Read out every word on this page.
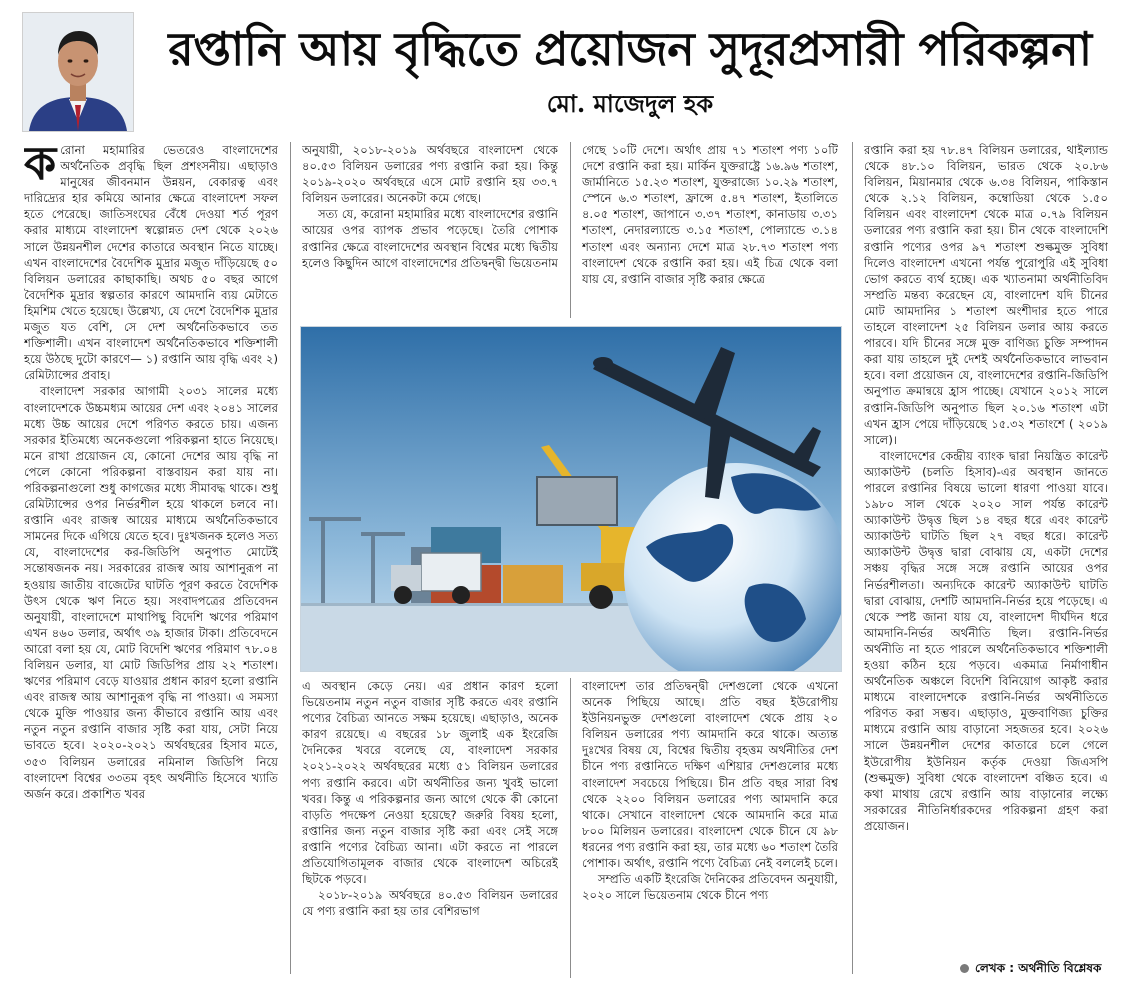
রপ্তানি আয় বৃদ্ধিতে প্রয়োজন সুদূরপ্রসারী পরিকল্পনা
মো. মাজেদুল হক

করোনা মহামারির ভেতরেও বাংলাদেশের অর্থনৈতিক প্রবৃদ্ধি ছিল প্রশংসনীয়। এছাড়াও মানুষের জীবনমান উন্নয়ন, বেকারত্ব এবং দারিদ্র্যের হার কমিয়ে আনার ক্ষেত্রে বাংলাদেশ সফল হতে পেরেছে। জাতিসংঘের বেঁধে দেওয়া শর্ত পূরণ করার মাধ্যমে বাংলাদেশ স্বল্পোন্নত দেশ থেকে ২০২৬ সালে উন্নয়নশীল দেশের কাতারে অবস্থান নিতে যাচ্ছে। এখন বাংলাদেশের বৈদেশিক মুদ্রার মজুত দাঁড়িয়েছে ৫০ বিলিয়ন ডলারের কাছাকাছি। অথচ ৫০ বছর আগে বৈদেশিক মুদ্রার স্বল্পতার কারণে আমদানি ব্যয় মেটাতে হিমশিম খেতে হয়েছে। উল্লেখ্য, যে দেশে বৈদেশিক মুদ্রার মজুত যত বেশি, সে দেশ অর্থনৈতিকভাবে তত শক্তিশালী। এখন বাংলাদেশ অর্থনৈতিকভাবে শক্তিশালী হয়ে উঠছে দুটো কারণে— ১) রপ্তানি আয় বৃদ্ধি এবং ২) রেমিট্যান্সের প্রবাহ।

বাংলাদেশ সরকার আগামী ২০৩১ সালের মধ্যে বাংলাদেশকে উচ্চমধ্যম আয়ের দেশ এবং ২০৪১ সালের মধ্যে উচ্চ আয়ের দেশে পরিণত করতে চায়। এজন্য সরকার ইতিমধ্যে অনেকগুলো পরিকল্পনা হাতে নিয়েছে। মনে রাখা প্রয়োজন যে, কোনো দেশের আয় বৃদ্ধি না পেলে কোনো পরিকল্পনা বাস্তবায়ন করা যায় না। পরিকল্পনাগুলো শুধু কাগজের মধ্যে সীমাবদ্ধ থাকে। শুধু রেমিট্যান্সের ওপর নির্ভরশীল হয়ে থাকলে চলবে না। রপ্তানি এবং রাজস্ব আয়ের মাধ্যমে অর্থনৈতিকভাবে সামনের দিকে এগিয়ে যেতে হবে। দুঃখজনক হলেও সত্য যে, বাংলাদেশের কর-জিডিপি অনুপাত মোটেই সন্তোষজনক নয়। সরকারের রাজস্ব আয় আশানুরূপ না হওয়ায় জাতীয় বাজেটের ঘাটতি পূরণ করতে বৈদেশিক উৎস থেকে ঋণ নিতে হয়। সংবাদপত্রের প্রতিবেদন অনুযায়ী, বাংলাদেশে মাথাপিছু বিদেশি ঋণের পরিমাণ এখন ৪৬০ ডলার, অর্থাৎ ৩৯ হাজার টাকা। প্রতিবেদনে আরো বলা হয় যে, মোট বিদেশি ঋণের পরিমাণ ৭৮.০৪ বিলিয়ন ডলার, যা মোট জিডিপির প্রায় ২২ শতাংশ। ঋণের পরিমাণ বেড়ে যাওয়ার প্রধান কারণ হলো রপ্তানি এবং রাজস্ব আয় আশানুরূপ বৃদ্ধি না পাওয়া। এ সমস্যা থেকে মুক্তি পাওয়ার জন্য কীভাবে রপ্তানি আয় এবং নতুন নতুন রপ্তানি বাজার সৃষ্টি করা যায়, সেটা নিয়ে ভাবতে হবে। ২০২০-২০২১ অর্থবছরের হিসাব মতে, ৩৫৩ বিলিয়ন ডলারের নমিনাল জিডিপি নিয়ে বাংলাদেশ বিশ্বের ৩৩তম বৃহৎ অর্থনীতি হিসেবে খ্যাতি অর্জন করে। প্রকাশিত খবর

অনুযায়ী, ২০১৮-২০১৯ অর্থবছরে বাংলাদেশ থেকে ৪০.৫৩ বিলিয়ন ডলারের পণ্য রপ্তানি করা হয়। কিন্তু ২০১৯-২০২০ অর্থবছরে এসে মোট রপ্তানি হয় ৩৩.৭ বিলিয়ন ডলারের। অনেকটা কমে গেছে।

সত্য যে, করোনা মহামারির মধ্যে বাংলাদেশের রপ্তানি আয়ের ওপর ব্যাপক প্রভাব পড়েছে। তৈরি পোশাক রপ্তানির ক্ষেত্রে বাংলাদেশের অবস্থান বিশ্বের মধ্যে দ্বিতীয় হলেও কিছুদিন আগে বাংলাদেশের প্রতিদ্বন্দ্বী ভিয়েতনাম

গেছে ১০টি দেশে। অর্থাৎ প্রায় ৭১ শতাংশ পণ্য ১০টি দেশে রপ্তানি করা হয়। মার্কিন যুক্তরাষ্ট্রে ১৬.৯৬ শতাংশ, জার্মানিতে ১৫.২৩ শতাংশ, যুক্তরাজ্যে ১০.২৯ শতাংশ, স্পেনে ৬.৩ শতাংশ, ফ্রান্সে ৫.৪৭ শতাংশ, ইতালিতে ৪.০৫ শতাংশ, জাপানে ৩.৩৭ শতাংশ, কানাডায় ৩.৩১ শতাংশ, নেদারল্যান্ডে ৩.১৫ শতাংশ, পোল্যান্ডে ৩.১৪ শতাংশ এবং অন্যান্য দেশে মাত্র ২৮.৭৩ শতাংশ পণ্য বাংলাদেশ থেকে রপ্তানি করা হয়। এই চিত্র থেকে বলা যায় যে, রপ্তানি বাজার সৃষ্টি করার ক্ষেত্রে

রপ্তানি করা হয় ৭৮.৪৭ বিলিয়ন ডলারের, থাইল্যান্ড থেকে ৪৮.১০ বিলিয়ন, ভারত থেকে ২০.৮৬ বিলিয়ন, মিয়ানমার থেকে ৬.৩৪ বিলিয়ন, পাকিস্তান থেকে ২.১২ বিলিয়ন, কম্বোডিয়া থেকে ১.৫০ বিলিয়ন এবং বাংলাদেশ থেকে মাত্র ০.৭৯ বিলিয়ন ডলারের পণ্য রপ্তানি করা হয়। চীন থেকে বাংলাদেশি রপ্তানি পণ্যের ওপর ৯৭ শতাংশ শুল্কমুক্ত সুবিধা দিলেও বাংলাদেশ এখনো পর্যন্ত পুরোপুরি এই সুবিধা ভোগ করতে ব্যর্থ হচ্ছে। এক খ্যাতনামা অর্থনীতিবিদ সম্প্রতি মন্তব্য করেছেন যে, বাংলাদেশ যদি চীনের মোট আমদানির ১ শতাংশ অংশীদার হতে পারে তাহলে বাংলাদেশ ২৫ বিলিয়ন ডলার আয় করতে পারবে। যদি চীনের সঙ্গে মুক্ত বাণিজ্য চুক্তি সম্পাদন করা যায় তাহলে দুই দেশই অর্থনৈতিকভাবে লাভবান হবে। বলা প্রয়োজন যে, বাংলাদেশের রপ্তানি-জিডিপি অনুপাত ক্রমান্বয়ে হ্রাস পাচ্ছে। যেখানে ২০১২ সালে রপ্তানি-জিডিপি অনুপাত ছিল ২০.১৬ শতাংশ এটা এখন হ্রাস পেয়ে দাঁড়িয়েছে ১৫.৩২ শতাংশে ( ২০১৯ সালে)।

বাংলাদেশের কেন্দ্রীয় ব্যাংক দ্বারা নিয়ন্ত্রিত কারেন্ট অ্যাকাউন্ট (চলতি হিসাব)-এর অবস্থান জানতে পারলে রপ্তানির বিষয়ে ভালো ধারণা পাওয়া যাবে। ১৯৮০ সাল থেকে ২০২০ সাল পর্যন্ত কারেন্ট অ্যাকাউন্ট উদ্বৃত্ত ছিল ১৪ বছর ধরে এবং কারেন্ট অ্যাকাউন্ট ঘাটতি ছিল ২৭ বছর ধরে। কারেন্ট অ্যাকাউন্ট উদ্বৃত্ত দ্বারা বোঝায় যে, একটা দেশের সঞ্চয় বৃদ্ধির সঙ্গে সঙ্গে রপ্তানি আয়ের ওপর নির্ভরশীলতা। অন্যদিকে কারেন্ট অ্যাকাউন্ট ঘাটতি দ্বারা বোঝায়, দেশটি আমদানি-নির্ভর হয়ে পড়েছে। এ থেকে স্পষ্ট জানা যায় যে, বাংলাদেশ দীর্ঘদিন ধরে আমদানি-নির্ভর অর্থনীতি ছিল। রপ্তানি-নির্ভর অর্থনীতি না হতে পারলে অর্থনৈতিকভাবে শক্তিশালী হওয়া কঠিন হয়ে পড়বে। একমাত্র নির্মাণাধীন অর্থনৈতিক অঞ্চলে বিদেশি বিনিয়োগ আকৃষ্ট করার মাধ্যমে বাংলাদেশকে রপ্তানি-নির্ভর অর্থনীতিতে পরিণত করা সম্ভব। এছাড়াও, মুক্তবাণিজ্য চুক্তির মাধ্যমে রপ্তানি আয় বাড়ানো সহজতর হবে। ২০২৬ সালে উন্নয়নশীল দেশের কাতারে চলে গেলে ইউরোপীয় ইউনিয়ন কর্তৃক দেওয়া জিএসপি (শুল্কমুক্ত) সুবিধা থেকে বাংলাদেশ বঞ্চিত হবে। এ কথা মাথায় রেখে রপ্তানি আয় বাড়ানোর লক্ষ্যে সরকারের নীতিনির্ধারকদের পরিকল্পনা গ্রহণ করা প্রয়োজন।

এ অবস্থান কেড়ে নেয়। এর প্রধান কারণ হলো ভিয়েতনাম নতুন নতুন বাজার সৃষ্টি করতে এবং রপ্তানি পণ্যের বৈচিত্র্য আনতে সক্ষম হয়েছে। এছাড়াও, অনেক কারণ রয়েছে। এ বছরের ১৮ জুলাই এক ইংরেজি দৈনিকের খবরে বলেছে যে, বাংলাদেশ সরকার ২০২১-২০২২ অর্থবছরের মধ্যে ৫১ বিলিয়ন ডলারের পণ্য রপ্তানি করবে। এটা অর্থনীতির জন্য খুবই ভালো খবর। কিন্তু এ পরিকল্পনার জন্য আগে থেকে কী কোনো বাড়তি পদক্ষেপ নেওয়া হয়েছে? জরুরি বিষয় হলো, রপ্তানির জন্য নতুন বাজার সৃষ্টি করা এবং সেই সঙ্গে রপ্তানি পণ্যের বৈচিত্র্য আনা। এটা করতে না পারলে প্রতিযোগিতামূলক বাজার থেকে বাংলাদেশ অচিরেই ছিটকে পড়বে।

২০১৮-২০১৯ অর্থবছরে ৪০.৫৩ বিলিয়ন ডলারের যে পণ্য রপ্তানি করা হয় তার বেশিরভাগ

বাংলাদেশ তার প্রতিদ্বন্দ্বী দেশগুলো থেকে এখনো অনেক পিছিয়ে আছে। প্রতি বছর ইউরোপীয় ইউনিয়নভুক্ত দেশগুলো বাংলাদেশ থেকে প্রায় ২০ বিলিয়ন ডলারের পণ্য আমদানি করে থাকে। অত্যন্ত দুঃখের বিষয় যে, বিশ্বের দ্বিতীয় বৃহত্তম অর্থনীতির দেশ চীনে পণ্য রপ্তানিতে দক্ষিণ এশিয়ার দেশগুলোর মধ্যে বাংলাদেশ সবচেয়ে পিছিয়ে। চীন প্রতি বছর সারা বিশ্ব থেকে ২২০০ বিলিয়ন ডলারের পণ্য আমদানি করে থাকে। সেখানে বাংলাদেশ থেকে আমদানি করে মাত্র ৮০০ মিলিয়ন ডলারের। বাংলাদেশ থেকে চীনে যে ৯৮ ধরনের পণ্য রপ্তানি করা হয়, তার মধ্যে ৬০ শতাংশ তৈরি পোশাক। অর্থাৎ, রপ্তানি পণ্যে বৈচিত্র্য নেই বললেই চলে।

সম্প্রতি একটি ইংরেজি দৈনিকের প্রতিবেদন অনুযায়ী, ২০২০ সালে ভিয়েতনাম থেকে চীনে পণ্য

লেখক : অর্থনীতি বিশ্লেষক
